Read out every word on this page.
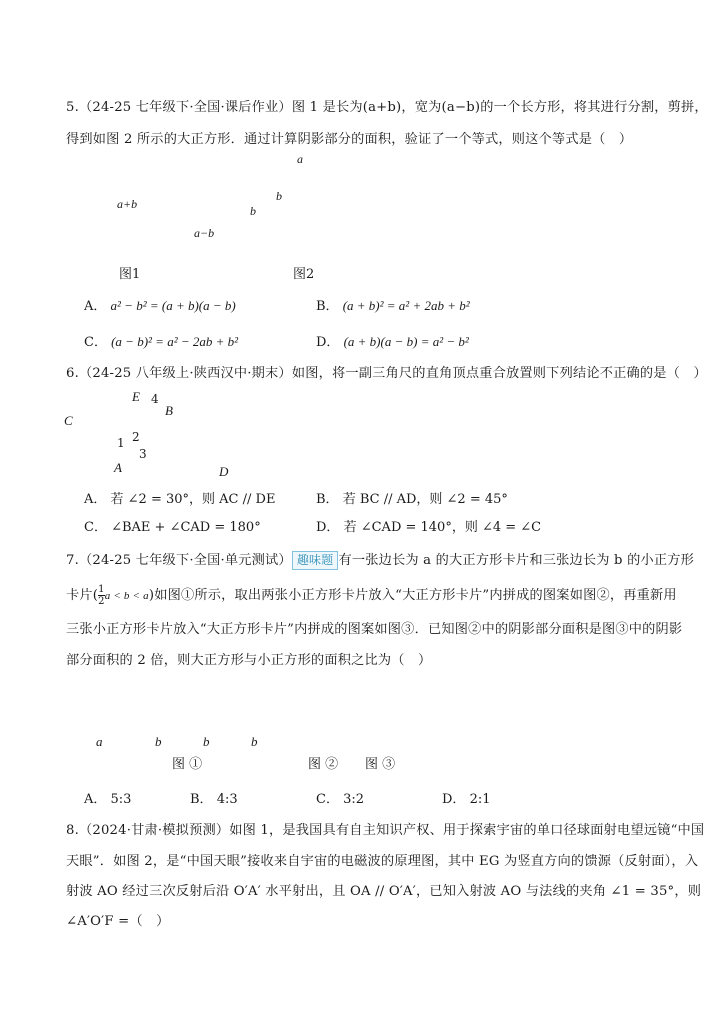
5.（24-25 七年级下·全国·课后作业）图 1 是长为(a+b)，宽为(a−b)的一个长方形，将其进行分割，剪拼，
得到如图 2 所示的大正方形．通过计算阴影部分的面积，验证了一个等式，则这个等式是（　）
a+b
a−b
图1
a
b
b
图2
A． a² − b² = (a + b)(a − b)	B． (a + b)² = a² + 2ab + b²
C． (a − b)² = a² − 2ab + b²	D． (a + b)(a − b) = a² − b²
6.（24-25 八年级上·陕西汉中·期末）如图，将一副三角尺的直角顶点重合放置则下列结论不正确的是（　）
E 4
B
C
1 2
3
A	D
A． 若 ∠2 = 30°，则 AC // DE	B． 若 BC // AD，则 ∠2 = 45°
C． ∠BAE + ∠CAD = 180°	D． 若 ∠CAD = 140°，则 ∠4 = ∠C
7.（24-25 七年级下·全国·单元测试） 趣味题 有一张边长为 a 的大正方形卡片和三张边长为 b 的小正方形
卡片( $\frac{1}{2}$ a < b < a)如图①所示，取出两张小正方形卡片放入“大正方形卡片”内拼成的图案如图②，再重新用
三张小正方形卡片放入“大正方形卡片”内拼成的图案如图③．已知图②中的阴影部分面积是图③中的阴影
部分面积的 2 倍，则大正方形与小正方形的面积之比为（　）
a	b	b	b
图 ①	图 ② 图 ③
A． 5:3	B． 4:3	C． 3:2	D． 2:1
8.（2024·甘肃·模拟预测）如图 1，是我国具有自主知识产权、用于探索宇宙的单口径球面射电望远镜“中国
天眼”．如图 2，是“中国天眼”接收来自宇宙的电磁波的原理图，其中 EG 为竖直方向的馈源（反射面），入
射波 AO 经过三次反射后沿 O′A′ 水平射出，且 OA // O′A′，已知入射波 AO 与法线的夹角 ∠1 = 35°，则
∠A′O′F =（　）
